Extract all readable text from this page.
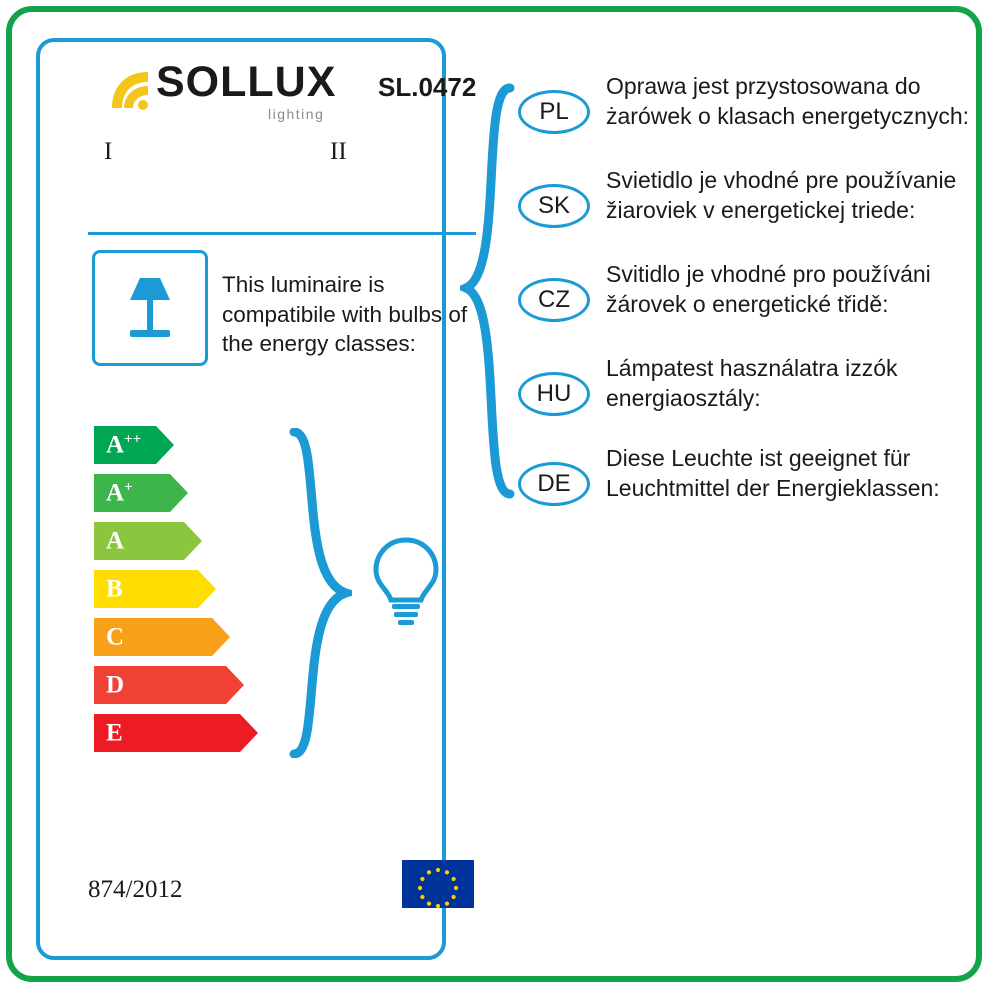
SOLLUX
lighting
SL.0472
I	II
This luminaire is compatibile with bulbs of the energy classes:
A++
A+
A
B
C
D
E
874/2012
PL
Oprawa jest przystosowana do żarówek o klasach energetycznych:
SK
Svietidlo je vhodné pre používanie žiaroviek v energetickej triede:
CZ
Svitidlo je vhodné pro používáni žárovek o energetické třidě:
HU
Lámpatest használatra izzók energiaosztály:
DE
Diese Leuchte ist geeignet für Leuchtmittel der Energieklassen:
